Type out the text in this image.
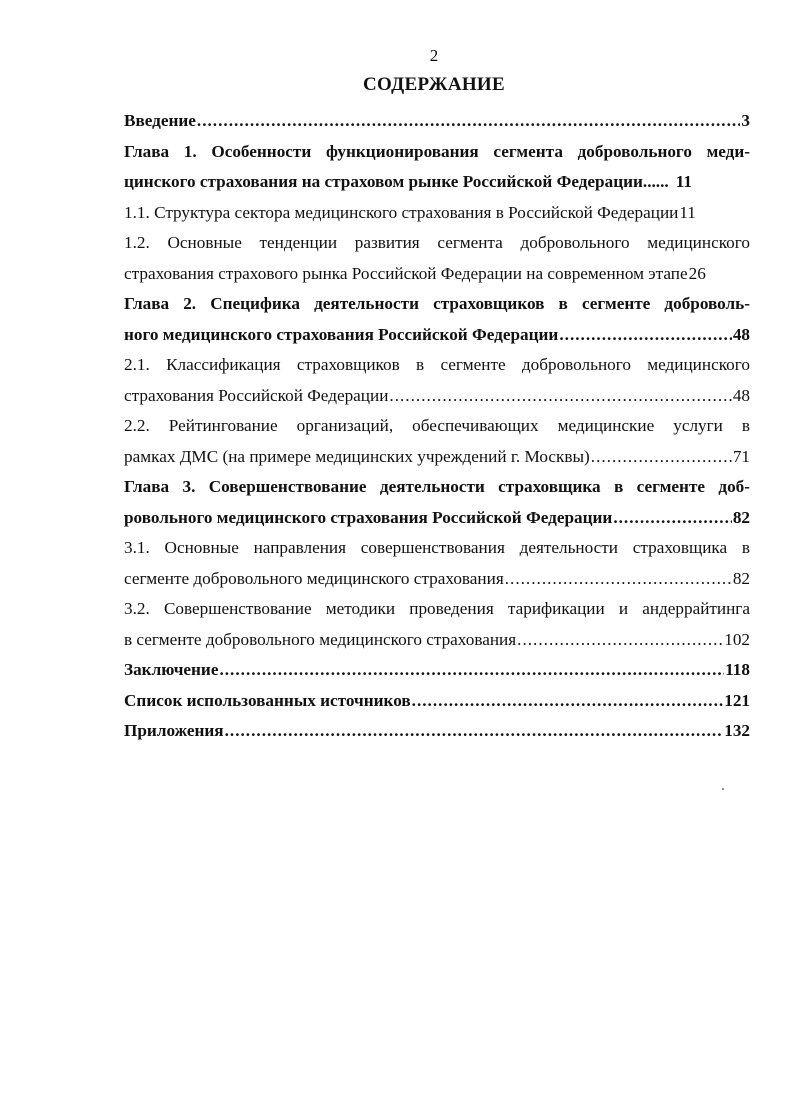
2
СОДЕРЖАНИЕ
Введение .....	3
Глава 1. Особенности функционирования сегмента добровольного меди-
цинского страхования на страховом рынке Российской Федерации...... 11
1.1. Структура сектора медицинского страхования в Российской Федерации 11
1.2. Основные тенденции развития сегмента добровольного медицинского
страхования страхового рынка Российской Федерации на современном этапе 26
Глава 2. Специфика деятельности страховщиков в сегменте доброволь-
ного медицинского страхования Российской Федерации .....	48
2.1. Классификация страховщиков в сегменте добровольного медицинского
страхования Российской Федерации .....	48
2.2. Рейтингование организаций, обеспечивающих медицинские услуги в
рамках ДМС (на примере медицинских учреждений г. Москвы) .....	71
Глава 3. Совершенствование деятельности страховщика в сегменте доб-
ровольного медицинского страхования Российской Федерации .....	82
3.1. Основные направления совершенствования деятельности страховщика в
сегменте добровольного медицинского страхования .....	82
3.2. Совершенствование методики проведения тарификации и андеррайтинга
в сегменте добровольного медицинского страхования .....	102
Заключение .....	118
Список использованных источников .....	121
Приложения .....	132
